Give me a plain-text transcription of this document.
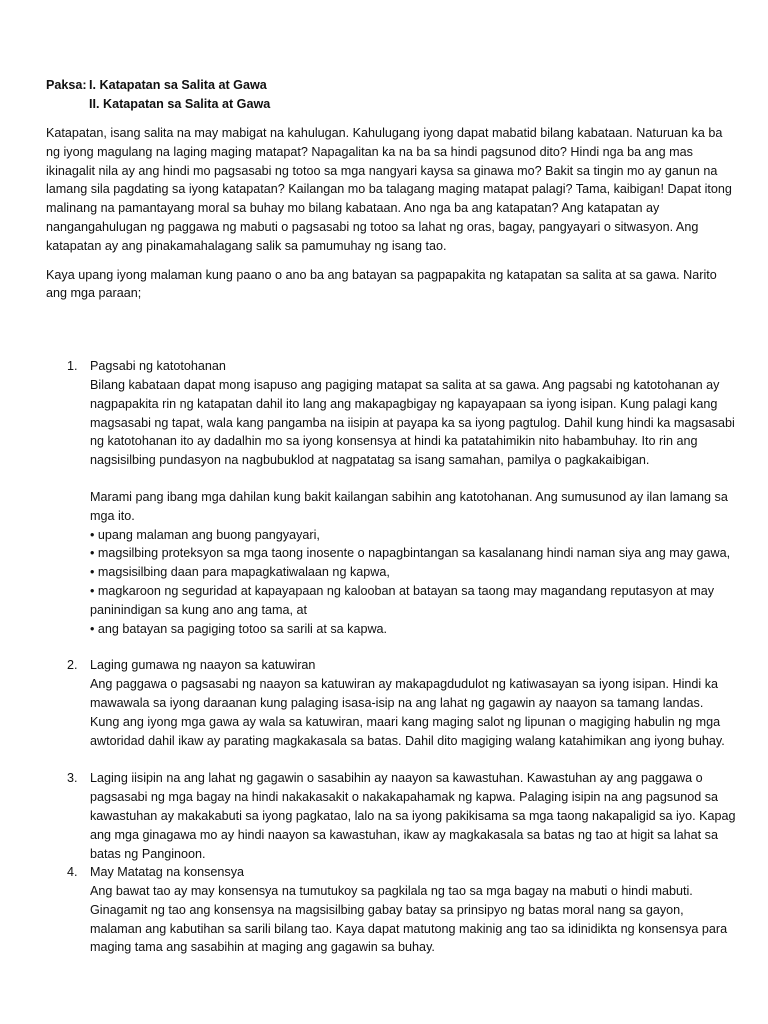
Paksa: I. Katapatan sa Salita at Gawa
II. Katapatan sa Salita at Gawa

Katapatan, isang salita na may mabigat na kahulugan. Kahulugang iyong dapat mabatid bilang kabataan. Naturuan ka ba ng iyong magulang na laging maging matapat? Napagalitan ka na ba sa hindi pagsunod dito? Hindi nga ba ang mas ikinagalit nila ay ang hindi mo pagsasabi ng totoo sa mga nangyari kaysa sa ginawa mo? Bakit sa tingin mo ay ganun na lamang sila pagdating sa iyong katapatan? Kailangan mo ba talagang maging matapat palagi? Tama, kaibigan! Dapat itong malinang na pamantayang moral sa buhay mo bilang kabataan. Ano nga ba ang katapatan? Ang katapatan ay nangangahulugan ng paggawa ng mabuti o pagsasabi ng totoo sa lahat ng oras, bagay, pangyayari o sitwasyon. Ang katapatan ay ang pinakamahalagang salik sa pamumuhay ng isang tao.

Kaya upang iyong malaman kung paano o ano ba ang batayan sa pagpapakita ng katapatan sa salita at sa gawa. Narito ang mga paraan;

1. Pagsabi ng katotohanan
Bilang kabataan dapat mong isapuso ang pagiging matapat sa salita at sa gawa. Ang pagsabi ng katotohanan ay nagpapakita rin ng katapatan dahil ito lang ang makapagbigay ng kapayapaan sa iyong isipan. Kung palagi kang magsasabi ng tapat, wala kang pangamba na iisipin at payapa ka sa iyong pagtulog. Dahil kung hindi ka magsasabi ng katotohanan ito ay dadalhin mo sa iyong konsensya at hindi ka patatahimikin nito habambuhay. Ito rin ang nagsisilbing pundasyon na nagbubuklod at nagpatatag sa isang samahan, pamilya o pagkakaibigan.
Marami pang ibang mga dahilan kung bakit kailangan sabihin ang katotohanan. Ang sumusunod ay ilan lamang sa mga ito.
• upang malaman ang buong pangyayari,
• magsilbing proteksyon sa mga taong inosente o napagbintangan sa kasalanang hindi naman siya ang may gawa,
• magsisilbing daan para mapagkatiwalaan ng kapwa,
• magkaroon ng seguridad at kapayapaan ng kalooban at batayan sa taong may magandang reputasyon at may paninindigan sa kung ano ang tama, at
• ang batayan sa pagiging totoo sa sarili at sa kapwa.
2. Laging gumawa ng naayon sa katuwiran
Ang paggawa o pagsasabi ng naayon sa katuwiran ay makapagdudulot ng katiwasayan sa iyong isipan. Hindi ka mawawala sa iyong daraanan kung palaging isasa-isip na ang lahat ng gagawin ay naayon sa tamang landas. Kung ang iyong mga gawa ay wala sa katuwiran, maari kang maging salot ng lipunan o magiging habulin ng mga awtoridad dahil ikaw ay parating magkakasala sa batas. Dahil dito magiging walang katahimikan ang iyong buhay.
3. Laging iisipin na ang lahat ng gagawin o sasabihin ay naayon sa kawastuhan. Kawastuhan ay ang paggawa o pagsasabi ng mga bagay na hindi nakakasakit o nakakapahamak ng kapwa. Palaging isipin na ang pagsunod sa kawastuhan ay makakabuti sa iyong pagkatao, lalo na sa iyong pakikisama sa mga taong nakapaligid sa iyo. Kapag ang mga ginagawa mo ay hindi naayon sa kawastuhan, ikaw ay magkakasala sa batas ng tao at higit sa lahat sa batas ng Panginoon.
4. May Matatag na konsensya
Ang bawat tao ay may konsensya na tumutukoy sa pagkilala ng tao sa mga bagay na mabuti o hindi mabuti. Ginagamit ng tao ang konsensya na magsisilbing gabay batay sa prinsipyo ng batas moral nang sa gayon, malaman ang kabutihan sa sarili bilang tao. Kaya dapat matutong makinig ang tao sa idinidikta ng konsensya para maging tama ang sasabihin at maging ang gagawin sa buhay.
